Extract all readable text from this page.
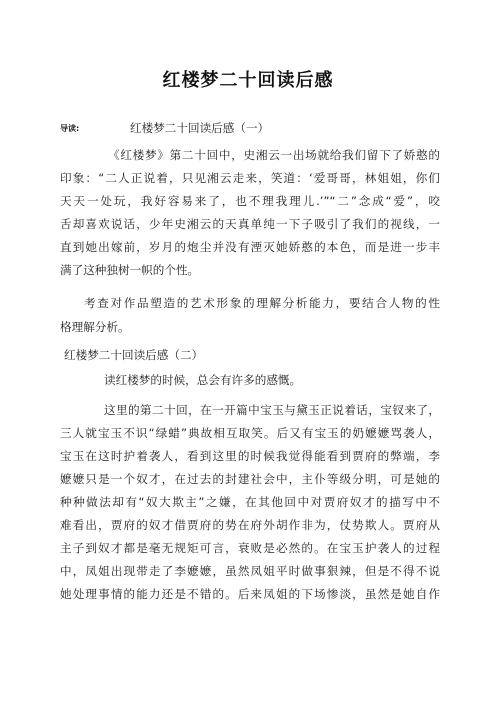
红楼梦二十回读后感
导读:	红楼梦二十回读后感（一）
《红楼梦》第二十回中，史湘云一出场就给我们留下了娇憨的
印象：“二人正说着，只见湘云走来，笑道：‘爱哥哥，林姐姐，你们
天天一处玩，我好容易来了，也不理我理儿.’”“二”念成“爱”，咬
舌却喜欢说话，少年史湘云的天真单纯一下子吸引了我们的视线，一
直到她出嫁前，岁月的炮尘并没有湮灭她娇憨的本色，而是进一步丰
满了这种独树一帜的个性。
考查对作品塑造的艺术形象的理解分析能力，要结合人物的性
格理解分析。
红楼梦二十回读后感（二）
读红楼梦的时候，总会有许多的感慨。
这里的第二十回，在一开篇中宝玉与黛玉正说着话，宝钗来了，
三人就宝玉不识“绿蜡”典故相互取笑。后又有宝玉的奶嬷嬷骂袭人，
宝玉在这时护着袭人，看到这里的时候我觉得能看到贾府的弊端，李
嬷嬷只是一个奴才，在过去的封建社会中，主仆等级分明，可是她的
种种做法却有“奴大欺主”之嫌，在其他回中对贾府奴才的描写中不
难看出，贾府的奴才借贾府的势在府外胡作非为，仗势欺人。贾府从
主子到奴才都是毫无规矩可言，衰败是必然的。在宝玉护袭人的过程
中，凤姐出现带走了李嬷嬷，虽然凤姐平时做事狠辣，但是不得不说
她处理事情的能力还是不错的。后来凤姐的下场惨淡，虽然是她自作
